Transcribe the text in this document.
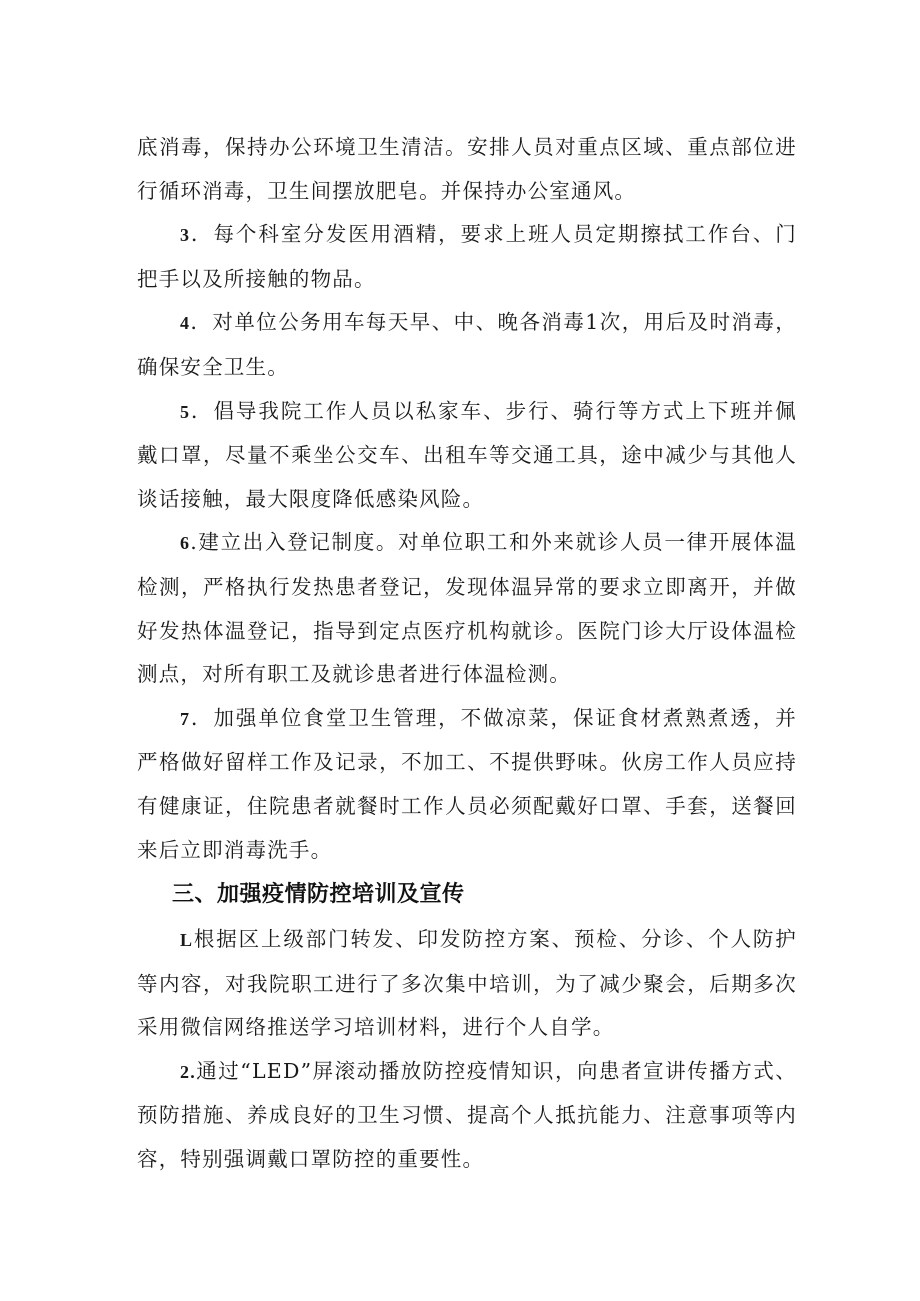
底消毒，保持办公环境卫生清洁。安排人员对重点区域、重点部位进行循环消毒，卫生间摆放肥皂。并保持办公室通风。

3．每个科室分发医用酒精，要求上班人员定期擦拭工作台、门把手以及所接触的物品。

4．对单位公务用车每天早、中、晚各消毒1次，用后及时消毒，确保安全卫生。

5．倡导我院工作人员以私家车、步行、骑行等方式上下班并佩戴口罩，尽量不乘坐公交车、出租车等交通工具，途中减少与其他人谈话接触，最大限度降低感染风险。

6.建立出入登记制度。对单位职工和外来就诊人员一律开展体温检测，严格执行发热患者登记，发现体温异常的要求立即离开，并做好发热体温登记，指导到定点医疗机构就诊。医院门诊大厅设体温检测点，对所有职工及就诊患者进行体温检测。

7．加强单位食堂卫生管理，不做凉菜，保证食材煮熟煮透，并严格做好留样工作及记录，不加工、不提供野味。伙房工作人员应持有健康证，住院患者就餐时工作人员必须配戴好口罩、手套，送餐回来后立即消毒洗手。

三、加强疫情防控培训及宣传

L根据区上级部门转发、印发防控方案、预检、分诊、个人防护等内容，对我院职工进行了多次集中培训，为了减少聚会，后期多次采用微信网络推送学习培训材料，进行个人自学。

2.通过“LED”屏滚动播放防控疫情知识，向患者宣讲传播方式、预防措施、养成良好的卫生习惯、提高个人抵抗能力、注意事项等内容，特别强调戴口罩防控的重要性。
